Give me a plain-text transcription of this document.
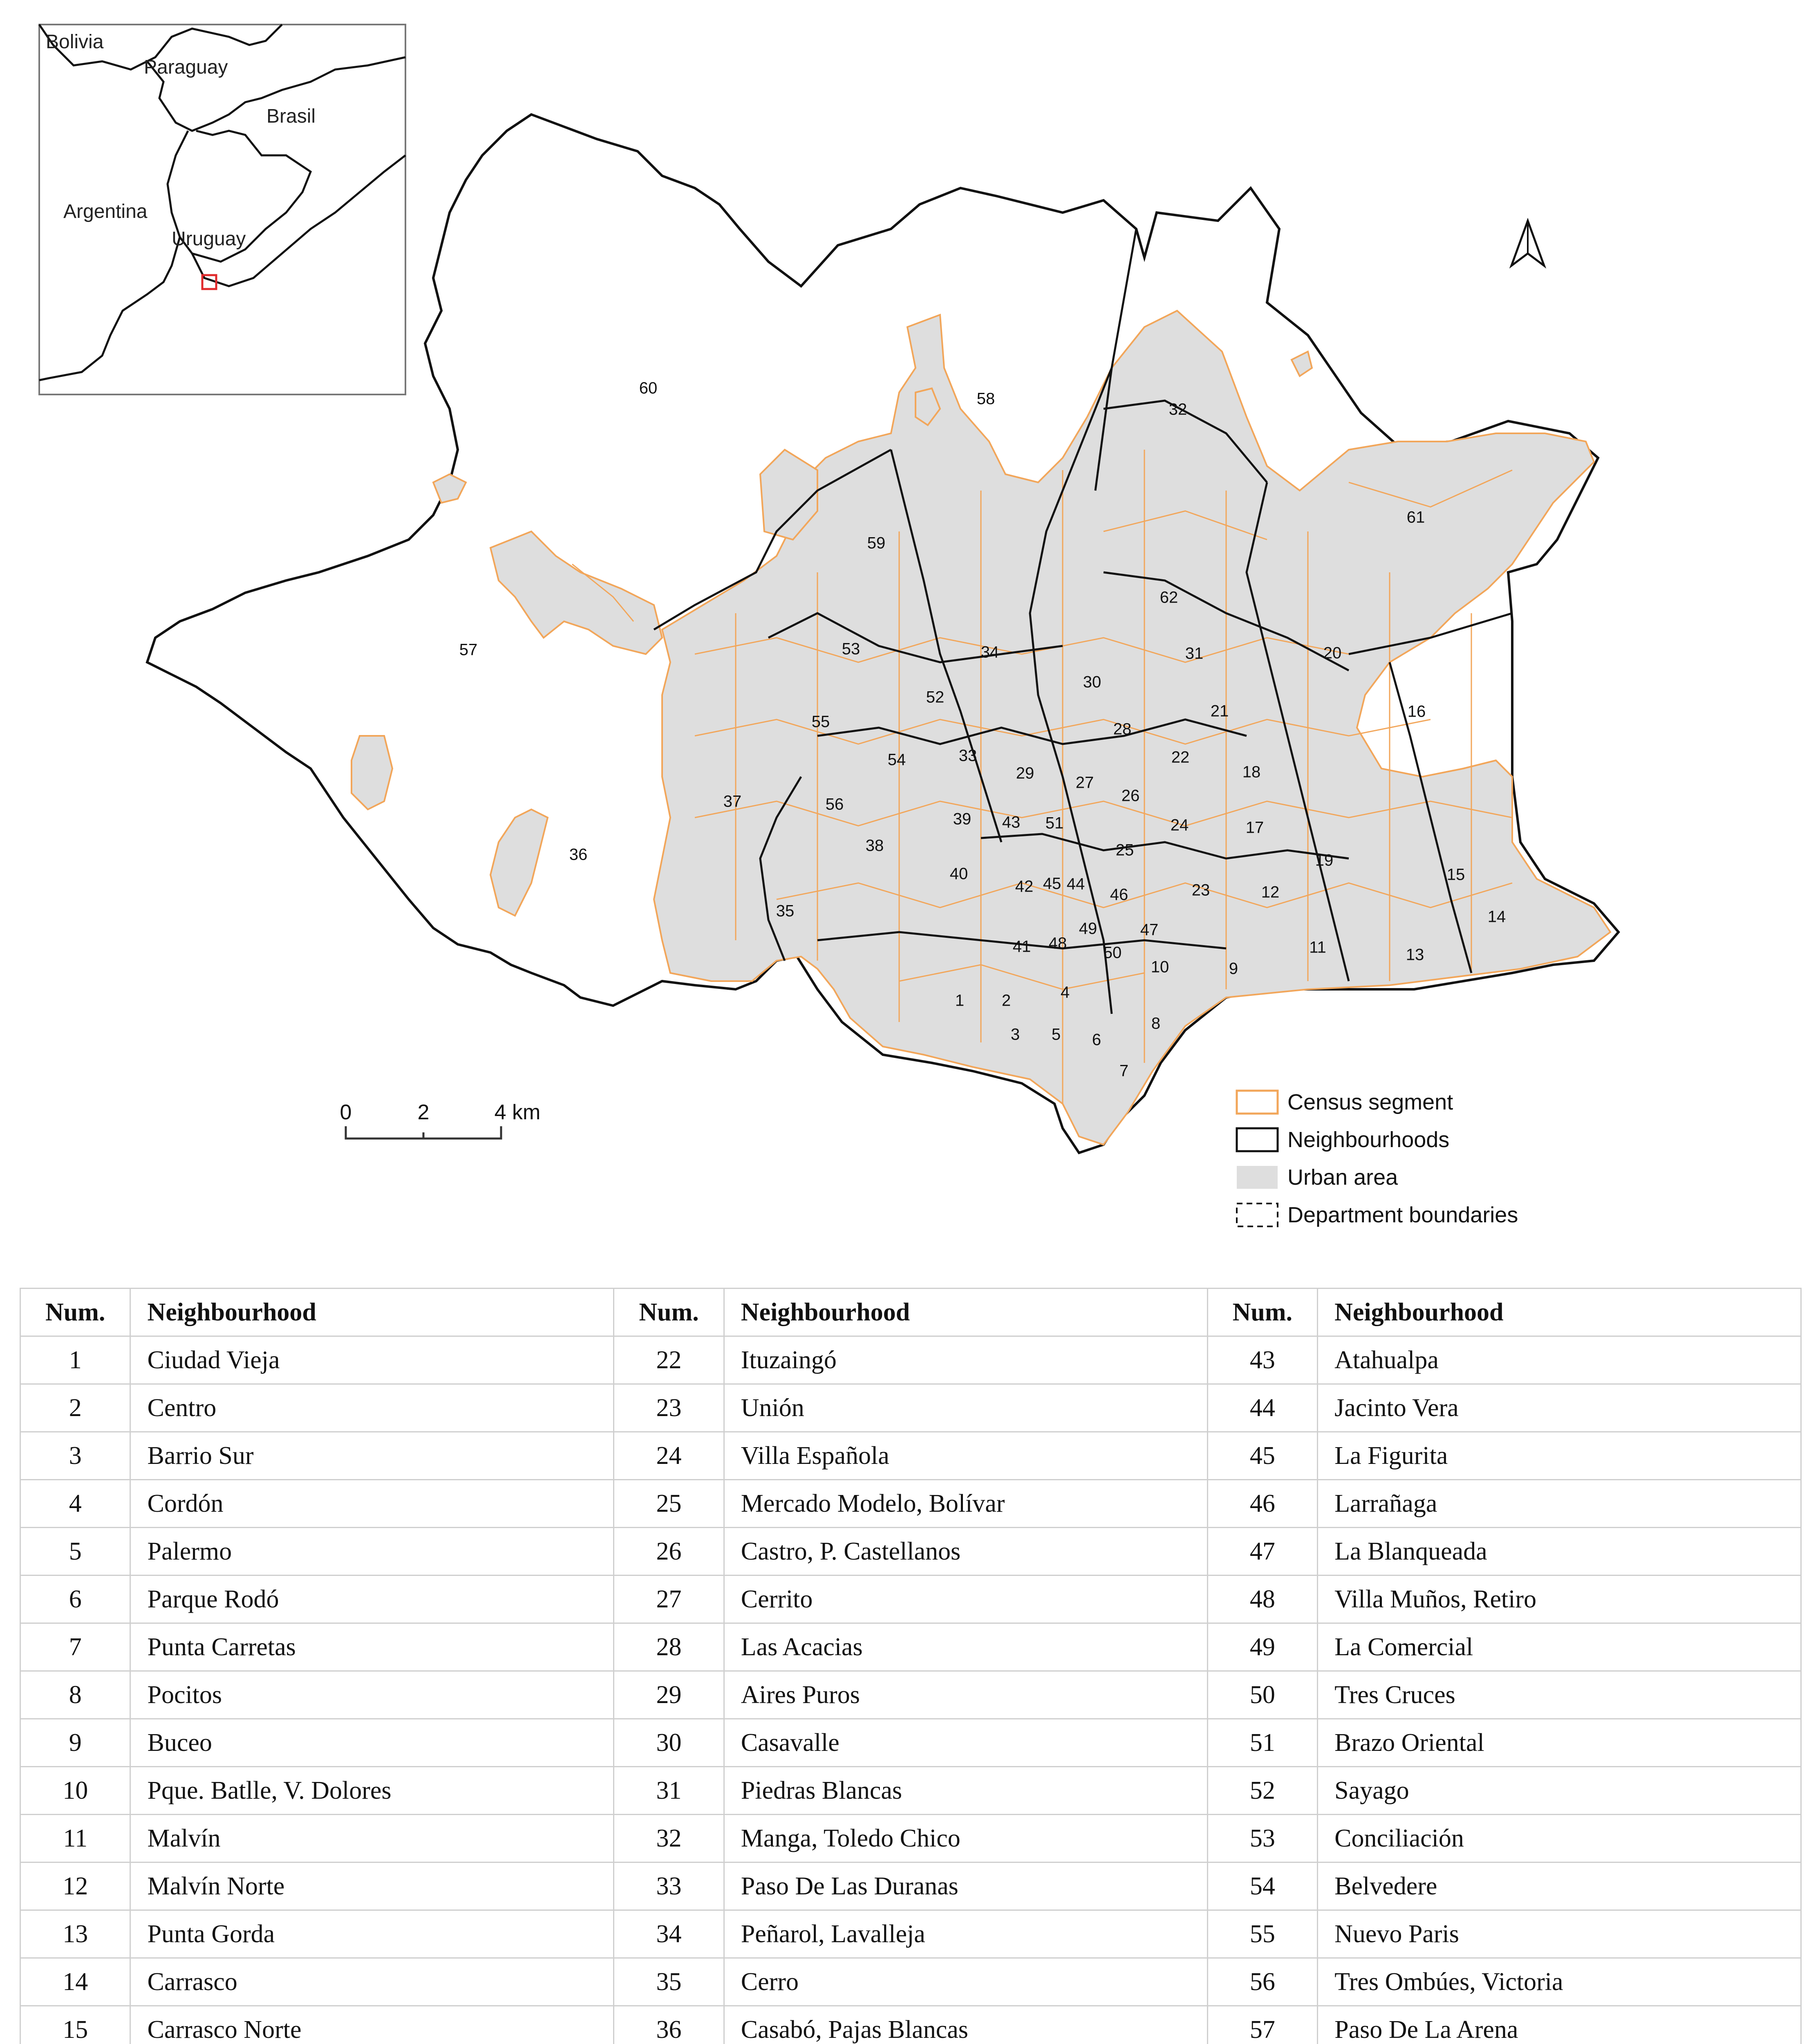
Bolivia
Paraguay
Brasil
Argentina
Uruguay
1 2
3
4
5 6
7
8
9
10
11
12
13
14
15
16
17
18
19
20
21
22
23
24
25
26
27
28
29
30
31
32
33
34
35
36
37
38
39
40
41
42
43
44
45
46
47
48
49
50
51
52
53
54
55
56
57
58
59
60
61
62
0	2	4 km	Census segment
Neighbourhoods
Urban area
Department boundaries
Num.	Neighbourhood	Num.	Neighbourhood	Num.	Neighbourhood
1	Ciudad Vieja	22	Ituzaingó	43	Atahualpa
2	Centro	23	Unión	44	Jacinto Vera
3	Barrio Sur	24	Villa Española	45	La Figurita
4	Cordón	25	Mercado Modelo, Bolívar	46	Larrañaga
5	Palermo	26	Castro, P. Castellanos	47	La Blanqueada
6	Parque Rodó	27	Cerrito	48	Villa Muños, Retiro
7	Punta Carretas	28	Las Acacias	49	La Comercial
8	Pocitos	29	Aires Puros	50	Tres Cruces
9	Buceo	30	Casavalle	51	Brazo Oriental
10	Pque. Batlle, V. Dolores	31	Piedras Blancas	52	Sayago
11	Malvín	32	Manga, Toledo Chico	53	Conciliación
12	Malvín Norte	33	Paso De Las Duranas	54	Belvedere
13	Punta Gorda	34	Peñarol, Lavalleja	55	Nuevo Paris
14	Carrasco	35	Cerro	56	Tres Ombúes, Victoria
15	Carrasco Norte	36	Casabó, Pajas Blancas	57	Paso De La Arena
